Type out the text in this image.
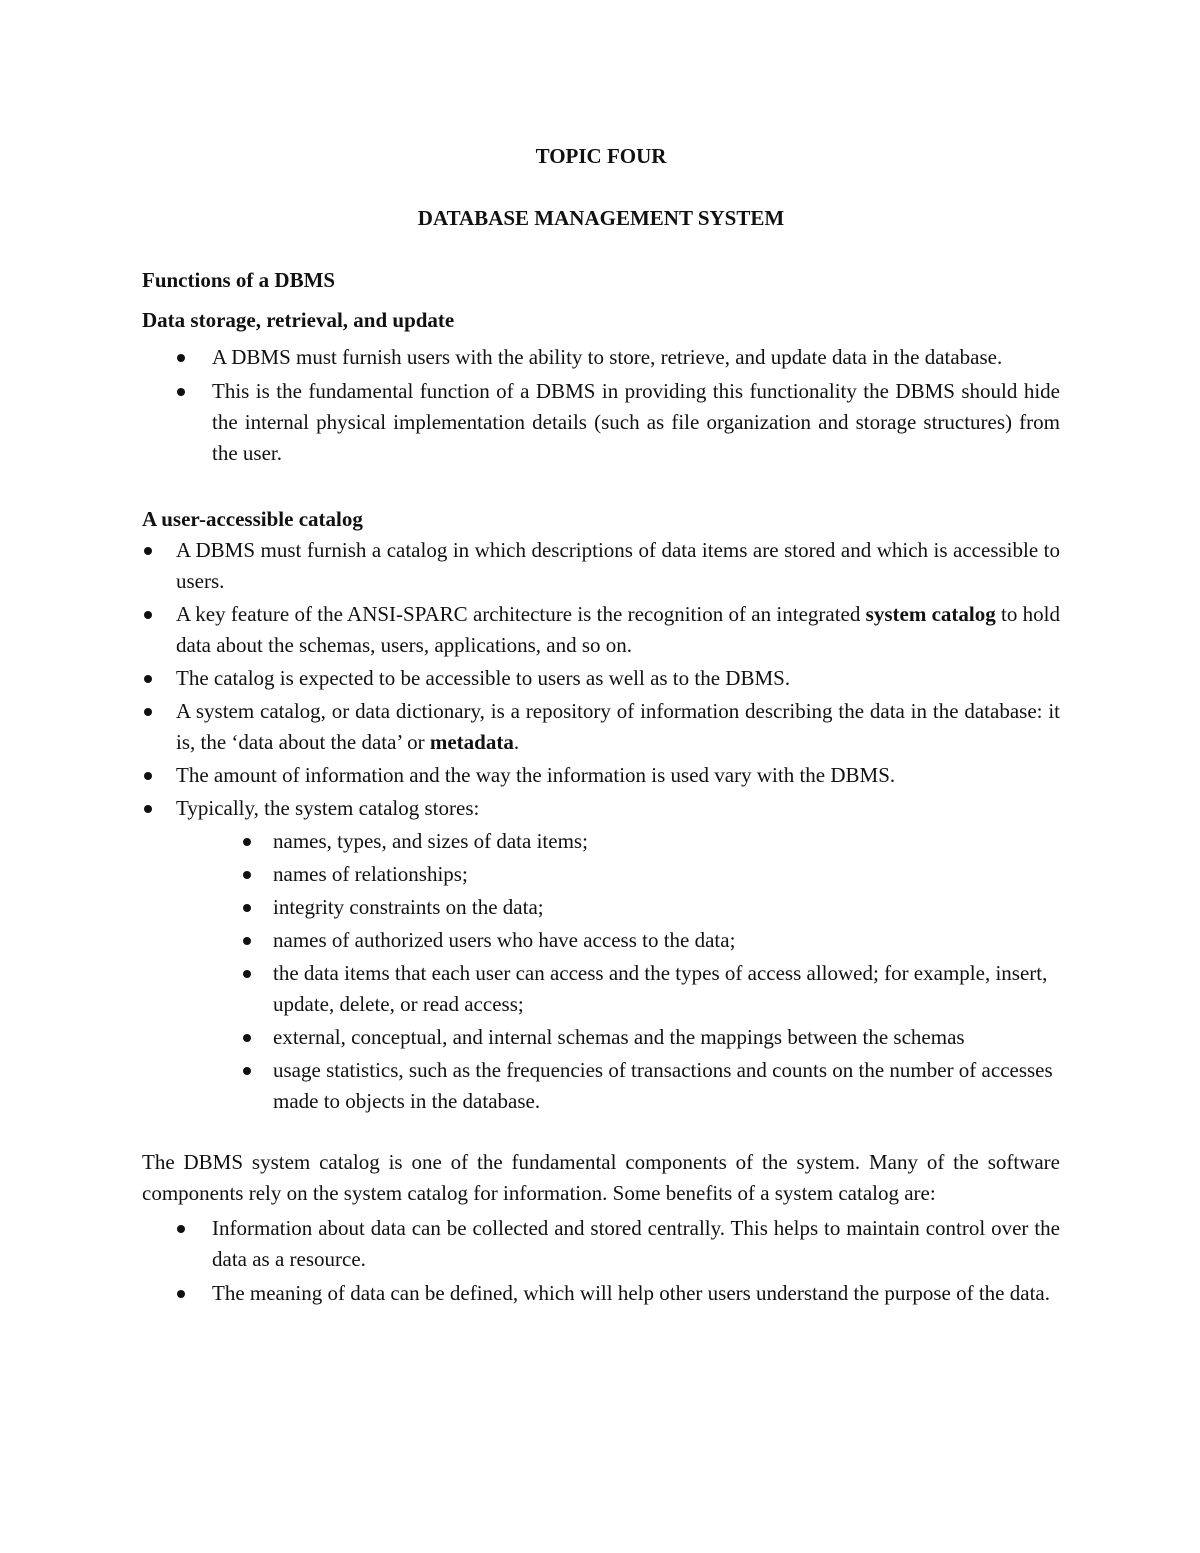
TOPIC FOUR

DATABASE MANAGEMENT SYSTEM

Functions of a DBMS

Data storage, retrieval, and update

A DBMS must furnish users with the ability to store, retrieve, and update data in the database.
This is the fundamental function of a DBMS in providing this functionality the DBMS should hide the internal physical implementation details (such as file organization and storage structures) from the user.

A user-accessible catalog

A DBMS must furnish a catalog in which descriptions of data items are stored and which is accessible to users.
A key feature of the ANSI-SPARC architecture is the recognition of an integrated system catalog to hold data about the schemas, users, applications, and so on.
The catalog is expected to be accessible to users as well as to the DBMS.
A system catalog, or data dictionary, is a repository of information describing the data in the database: it is, the ‘data about the data’ or metadata.
The amount of information and the way the information is used vary with the DBMS.
Typically, the system catalog stores:
names, types, and sizes of data items;
names of relationships;
integrity constraints on the data;
names of authorized users who have access to the data;
the data items that each user can access and the types of access allowed; for example, insert, update, delete, or read access;
external, conceptual, and internal schemas and the mappings between the schemas
usage statistics, such as the frequencies of transactions and counts on the number of accesses made to objects in the database.

The DBMS system catalog is one of the fundamental components of the system. Many of the software components rely on the system catalog for information. Some benefits of a system catalog are:

Information about data can be collected and stored centrally. This helps to maintain control over the data as a resource.
The meaning of data can be defined, which will help other users understand the purpose of the data.
